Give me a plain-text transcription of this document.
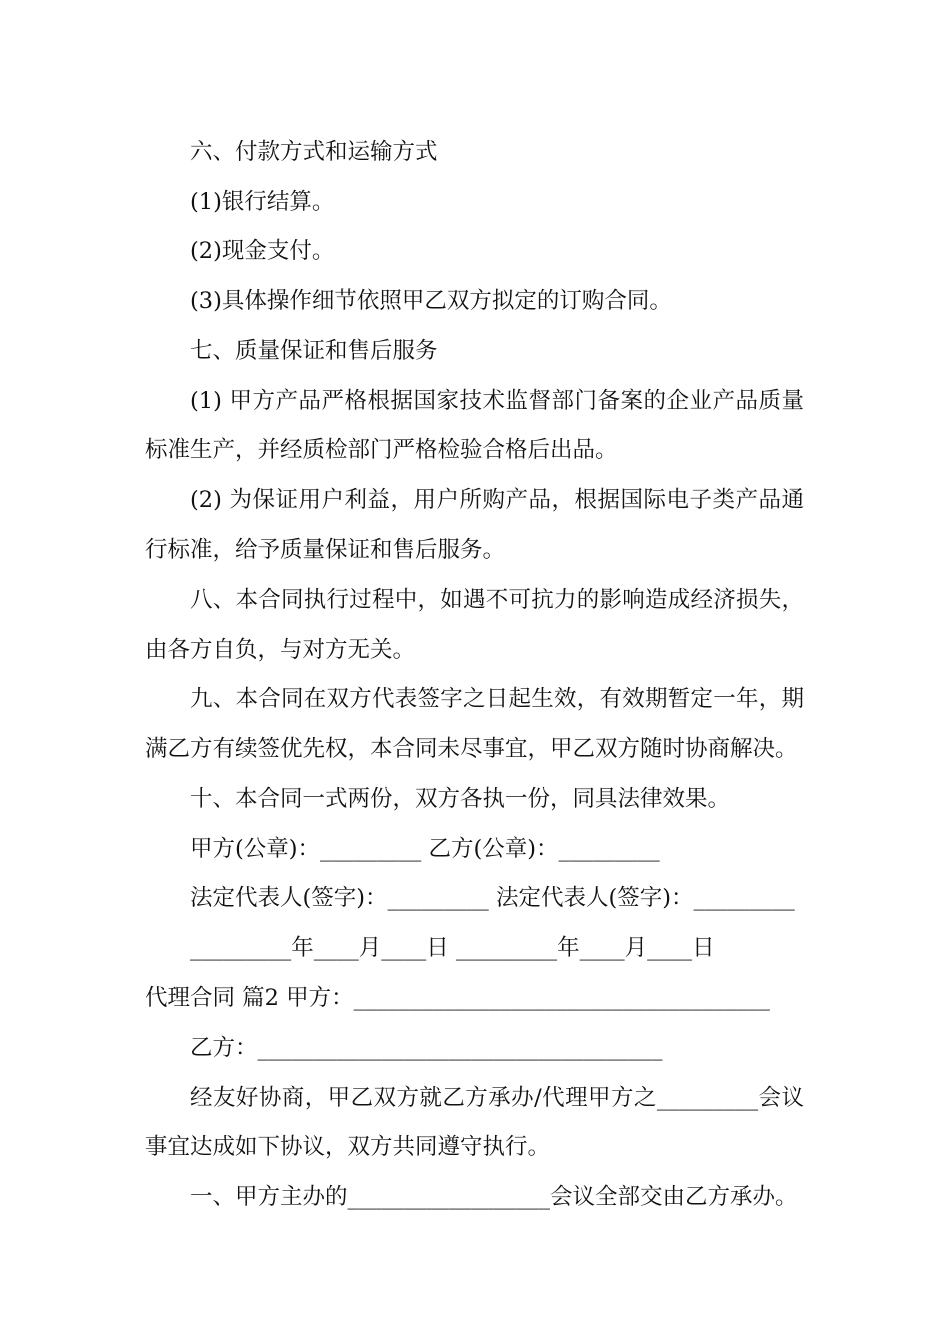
六、付款方式和运输方式
(1)银行结算。
(2)现金支付。
(3)具体操作细节依照甲乙双方拟定的订购合同。
七、质量保证和售后服务
(1) 甲方产品严格根据国家技术监督部门备案的企业产品质量
标准生产，并经质检部门严格检验合格后出品。
(2) 为保证用户利益，用户所购产品，根据国际电子类产品通
行标准，给予质量保证和售后服务。
八、本合同执行过程中，如遇不可抗力的影响造成经济损失，
由各方自负，与对方无关。
九、本合同在双方代表签字之日起生效，有效期暂定一年，期
满乙方有续签优先权，本合同未尽事宜，甲乙双方随时协商解决。
十、本合同一式两份，双方各执一份，同具法律效果。
甲方(公章)：_________ 乙方(公章)：_________
法定代表人(签字)：_________ 法定代表人(签字)：_________
_________年____月____日 _________年____月____日
代理合同 篇2 甲方：_____________________________________
乙方：____________________________________
经友好协商，甲乙双方就乙方承办/代理甲方之_________会议
事宜达成如下协议，双方共同遵守执行。
一、甲方主办的__________________会议全部交由乙方承办。
